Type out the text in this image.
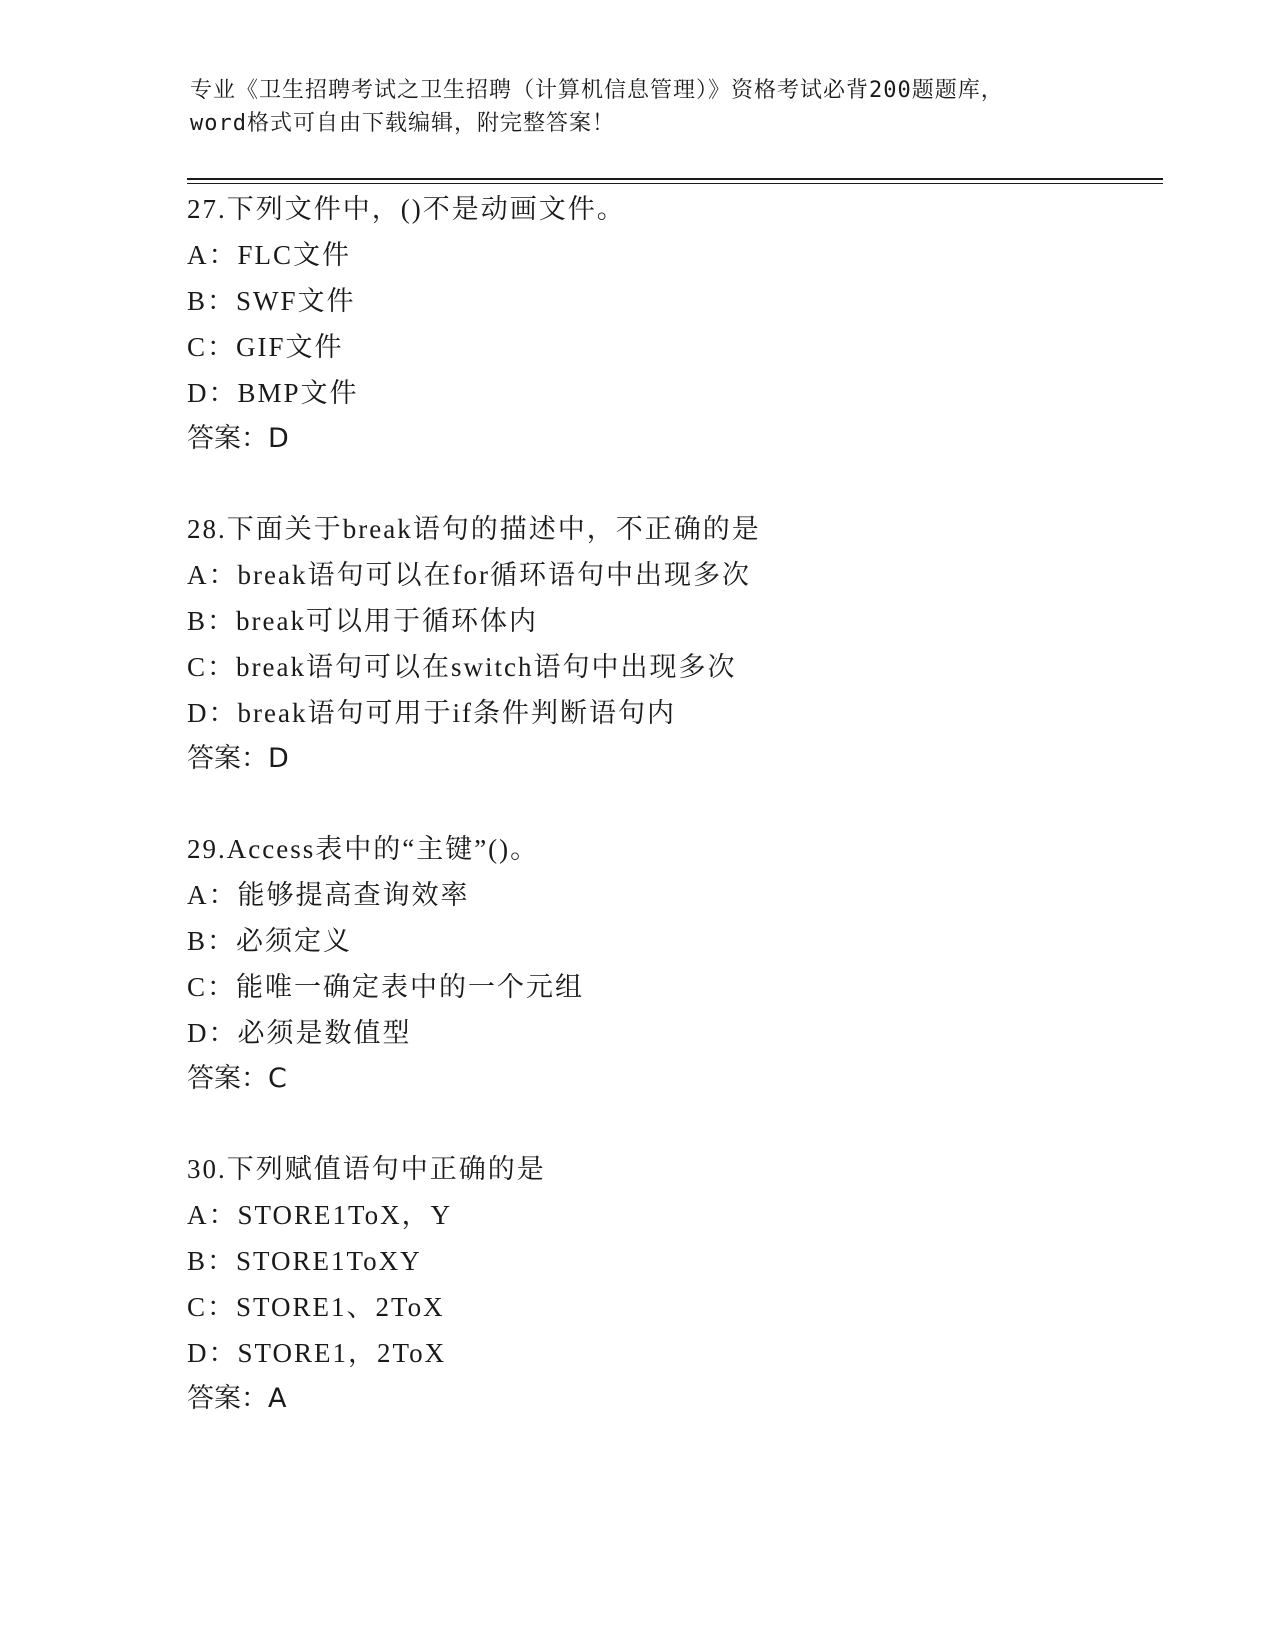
专业《卫生招聘考试之卫生招聘（计算机信息管理）》资格考试必背200题题库，
word格式可自由下载编辑，附完整答案！
27.下列文件中，()不是动画文件。
A：FLC文件
B：SWF文件
C：GIF文件
D：BMP文件
答案：D
28.下面关于break语句的描述中，不正确的是
A：break语句可以在for循环语句中出现多次
B：break可以用于循环体内
C：break语句可以在switch语句中出现多次
D：break语句可用于if条件判断语句内
答案：D
29.Access表中的“主键”()。
A：能够提高查询效率
B：必须定义
C：能唯一确定表中的一个元组
D：必须是数值型
答案：C
30.下列赋值语句中正确的是
A：STORE1ToX，Y
B：STORE1ToXY
C：STORE1、2ToX
D：STORE1，2ToX
答案：A
